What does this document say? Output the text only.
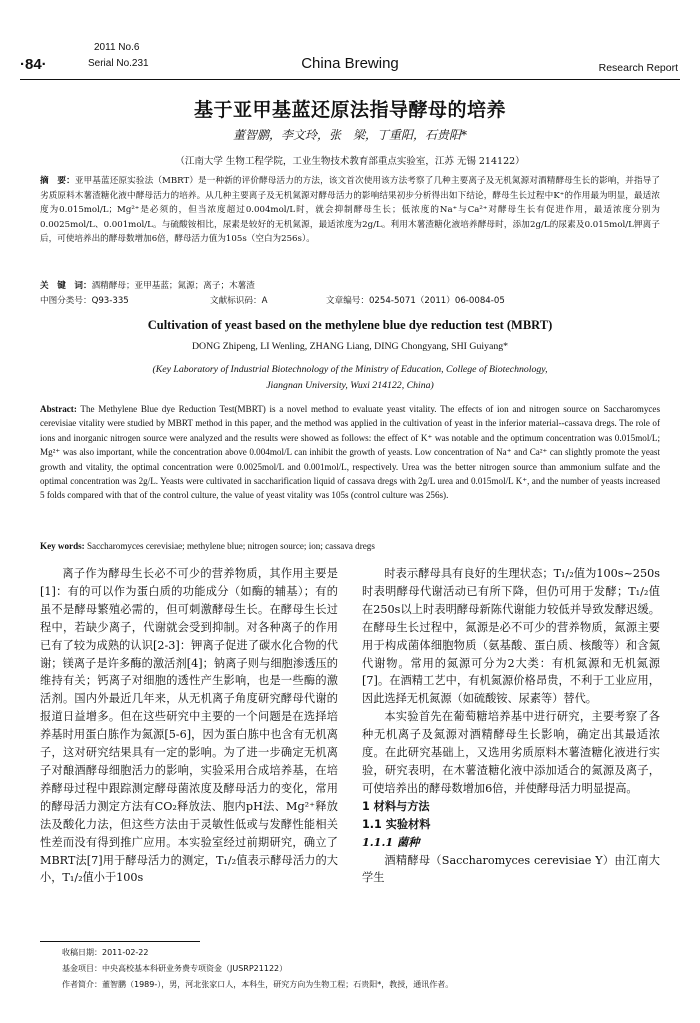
2011 No.6
·84·	Serial No.231	China Brewing	Research Report
基于亚甲基蓝还原法指导酵母的培养
董智鹏，李文玲，张　梁，丁重阳，石贵阳*
（江南大学 生物工程学院，工业生物技术教育部重点实验室，江苏 无锡 214122）
摘　要：亚甲基蓝还原实验法（MBRT）是一种新的评价酵母活力的方法，该文首次使用该方法考察了几种主要离子及无机氮源对酒精酵母生长的影响，并指导了劣质原料木薯渣糖化液中酵母活力的培养。从几种主要离子及无机氮源对酵母活力的影响结果初步分析得出如下结论，酵母生长过程中K⁺的作用最为明显，最适浓度为0.015mol/L；Mg²⁺是必须的，但当浓度超过0.004mol/L时，就会抑制酵母生长；低浓度的Na⁺与Ca²⁺对酵母生长有促进作用，最适浓度分别为0.0025mol/L、0.001mol/L。与硫酸铵相比，尿素是较好的无机氮源，最适浓度为2g/L。利用木薯渣糖化液培养酵母时，添加2g/L的尿素及0.015mol/L钾离子后，可使培养出的酵母数增加6倍，酵母活力值为105s（空白为256s）。
关　键　词：酒精酵母；亚甲基蓝；氮源；离子；木薯渣
中图分类号：Q93-335	文献标识码：A	文章编号：0254-5071（2011）06-0084-05
Cultivation of yeast based on the methylene blue dye reduction test (MBRT)
DONG Zhipeng, LI Wenling, ZHANG Liang, DING Chongyang, SHI Guiyang*
(Key Laboratory of Industrial Biotechnology of the Ministry of Education, College of Biotechnology,
Jiangnan University, Wuxi 214122, China)
Abstract: The Methylene Blue dye Reduction Test(MBRT) is a novel method to evaluate yeast vitality. The effects of ion and nitrogen source on Saccharomyces cerevisiae vitality were studied by MBRT method in this paper, and the method was applied in the cultivation of yeast in the inferior material--cassava dregs. The role of ions and inorganic nitrogen source were analyzed and the results were showed as follows: the effect of K⁺ was notable and the optimum concentration was 0.015mol/L; Mg²⁺ was also important, while the concentration above 0.004mol/L can inhibit the growth of yeasts. Low concentration of Na⁺ and Ca²⁺ can slightly promote the yeast growth and vitality, the optimal concentration were 0.0025mol/L and 0.001mol/L, respectively. Urea was the better nitrogen source than ammonium sulfate and the optimal concentration was 2g/L. Yeasts were cultivated in saccharification liquid of cassava dregs with 2g/L urea and 0.015mol/L K⁺, and the number of yeasts increased 5 folds compared with that of the control culture, the value of yeast vitality was 105s (control culture was 256s).
Key words: Saccharomyces cerevisiae; methylene blue; nitrogen source; ion; cassava dregs

离子作为酵母生长必不可少的营养物质，其作用主要是[1]：有的可以作为蛋白质的功能成分（如酶的辅基）；有的虽不是酵母繁殖必需的，但可刺激酵母生长。在酵母生长过程中，若缺少离子，代谢就会受到抑制。对各种离子的作用已有了较为成熟的认识[2-3]：钾离子促进了碳水化合物的代谢；镁离子是许多酶的激活剂[4]；钠离子则与细胞渗透压的维持有关；钙离子对细胞的透性产生影响，也是一些酶的激活剂。国内外最近几年来，从无机离子角度研究酵母代谢的报道日益增多。但在这些研究中主要的一个问题是在选择培养基时用蛋白胨作为氮源[5-6]，因为蛋白胨中也含有无机离子，这对研究结果具有一定的影响。为了进一步确定无机离子对酿酒酵母细胞活力的影响，实验采用合成培养基，在培养酵母过程中跟踪测定酵母菌浓度及酵母活力的变化，常用的酵母活力测定方法有CO₂释放法、胞内pH法、Mg²⁺释放法及酸化力法，但这些方法由于灵敏性低或与发酵性能相关性差而没有得到推广应用。本实验室经过前期研究，确立了MBRT法[7]用于酵母活力的测定，T₁/₂值表示酵母活力的大小，T₁/₂值小于100s

时表示酵母具有良好的生理状态；T₁/₂值为100s~250s时表明酵母代谢活动已有所下降，但仍可用于发酵；T₁/₂值在250s以上时表明酵母新陈代谢能力较低并导致发酵迟缓。在酵母生长过程中，氮源是必不可少的营养物质，氮源主要用于构成菌体细胞物质（氨基酸、蛋白质、核酸等）和含氮代谢物。常用的氮源可分为2大类：有机氮源和无机氮源[7]。在酒精工艺中，有机氮源价格昂贵，不利于工业应用，因此选择无机氮源（如硫酸铵、尿素等）替代。

本实验首先在葡萄糖培养基中进行研究，主要考察了各种无机离子及氮源对酒精酵母生长影响，确定出其最适浓度。在此研究基础上，又选用劣质原料木薯渣糖化液进行实验，研究表明，在木薯渣糖化液中添加适合的氮源及离子，可使培养出的酵母数增加6倍，并使酵母活力明显提高。

1 材料与方法

1.1 实验材料

1.1.1 菌种

酒精酵母（Saccharomyces cerevisiae Y）由江南大学生

收稿日期：2011-02-22
基金项目：中央高校基本科研业务费专项资金（JUSRP21122）
作者简介：董智鹏（1989-），男，河北张家口人，本科生，研究方向为生物工程；石贵阳*，教授，通讯作者。
